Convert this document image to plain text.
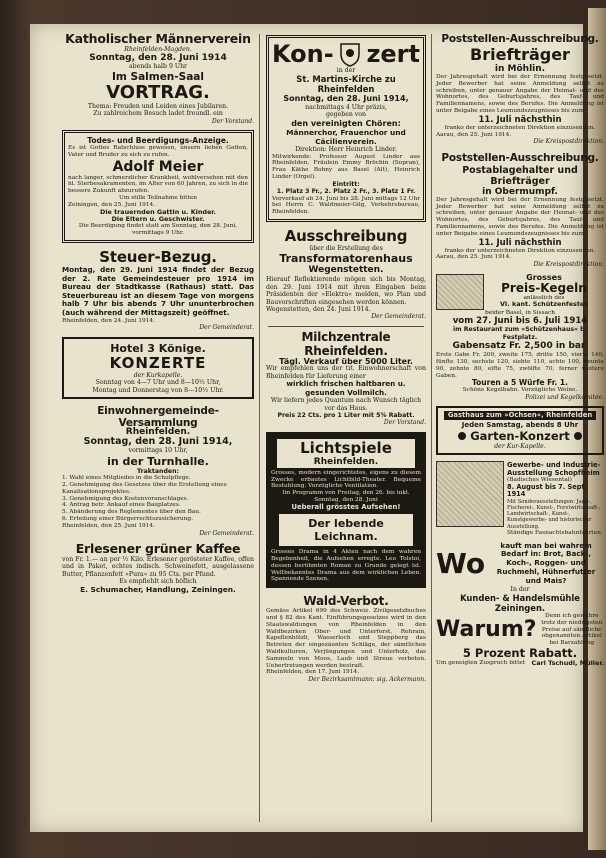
Katholischer Männerverein
Rheinfelden-Magden.
Sonntag, den 28. Juni 1914
abends halb 9 Uhr
Im Salmen-Saal
VORTRAG.
Thema: Freuden und Leiden eines Jubilaren.
Zu zahlreichem Besuch ladet freundl. ein
Der Vorstand.
Todes- und Beerdigungs-Anzeige.
Es ist Gottes Ratschluss gewesen, unsern lieben Gatten, Vater und Bruder zu sich zu rufen.
Adolf Meier
nach langer, schmerzlicher Krankheit, wohlversehen mit den hl. Sterbesakramenten, im Alter von 60 Jahren, zu sich in die bessere Zukunft abzurufen.
Um stille Teilnahme bitten
Zeiningen, den 25. Juni 1914.
Die trauernden Gattin u. Kinder.
Die Eltern u. Geschwister.
Die Beerdigung findet statt am Sonntag, den 28. Juni, vormittags 9 Uhr.
Steuer-Bezug.
Montag, den 29. Juni 1914 findet der Bezug der 2. Rate Gemeindesteuer pro 1914 im Bureau der Stadtkasse (Rathaus) statt. Das Steuerbureau ist an diesem Tage von morgens halb 7 Uhr bis abends 7 Uhr ununterbrochen (auch während der Mittagszeit) geöffnet.
Rheinfelden, den 24. Juni 1914.
Der Gemeinderat.
Hotel 3 Könige.
KONZERTE
der Kurkapelle.
Sonntag von 4—7 Uhr und 8—10½ Uhr,
Montag und Donnerstag von 8—10½ Uhr.
Einwohnergemeinde-Versammlung
Rheinfelden.
Sonntag, den 28. Juni 1914,
vormittags 10 Uhr,
in der Turnhalle.
Traktanden:
1. Wahl eines Mitgliedes in die Schulpflege.
2. Genehmigung des Gesetzes über die Erstellung eines Kanalisationsprojektes.
3. Genehmigung des Kostenvoranschlages.
4. Antrag betr. Ankauf eines Bauplatzes.
5. Abänderung des Reglementes über den Bau.
6. Erteilung einer Bürgerrechtszusicherung.
Rheinfelden, den 25. Juni 1914.
Der Gemeinderat.
Erlesener grüner Kaffee
von Fr. 1.— an per ½ Kilo. Erlesener gerösteter Kaffee, offen und in Paket, echtes indisch. Schweinefett, ausgelassene Butter, Pflanzenfett »Pura« zu 95 Cts. per Pfund.
Es empfiehlt sich höflich
E. Schumacher, Handlung, Zeiningen.
Kon- zert
in der
St. Martins-Kirche zu Rheinfelden
Sonntag, den 28. Juni 1914,
nachmittags 4 Uhr präzis,
gegeben von
den vereinigten Chören:
Männerchor, Frauenchor und Cäcilienverein.
Direktion: Herr Heinrich Linder.
Mitwirkende: Professor August Linder aus Rheinfelden, Fräulein Emmy Bröchin (Sopran), Frau Käthe Bohny aus Basel (Alt), Heinrich Linder (Orgel).
Eintritt:
1. Platz 3 Fr., 2. Platz 2 Fr., 3. Platz 1 Fr.
Vorverkauf ab 24. Juni bis 28. Juni mittags 12 Uhr bei Herrn C. Waldmeier-Gilg, Verkehrsbureau, Rheinfelden.
Ausschreibung
über die Erstellung des
Transformatorenhaus
Wegenstetten.
Hierauf Reflektierende mögen sich bis Montag, den 29. Juni 1914 mit ihren Eingaben beim Präsidenten der »Elektra« melden, wo Plan und Bauvorschriften eingesehen werden können.
Wegenstetten, den 24. Juni 1914.
Der Gemeinderat.
Milchzentrale Rheinfelden.
Tägl. Verkauf über 5000 Liter.
Wir empfehlen uns der tit. Einwohnerschaft von Rheinfelden für Lieferung einer
wirklich frischen haltbaren u. gesunden Vollmilch.
Wir liefern jedes Quantum nach Wunsch täglich vor das Haus.
Preis 22 Cts. pro 1 Liter mit 5% Rabatt.
Der Vorstand.
Lichtspiele
Rheinfelden.
Grosses, modern eingerichtetes, eigens zu diesem Zwecke erbautes Lichtbild-Theater. Bequeme Bestuhlung. Vorzügliche Ventilation.
Im Programm von Freitag, den 26. bis inkl. Sonntag, den 28. Juni
Ueberall grösstes Aufsehen!
Der lebende Leichnam.
Grosses Drama in 4 Akten nach dem wahren Begebenheit, die Aufsehen erregte. Leo Tolstoi, dessen berühmten Roman zu Grunde gelegt ist. Weltbekanntes Drama aus dem wirklichen Leben. Spannende Szenen.
Wald-Verbot.
Gemäss Artikel 699 des Schweiz. Zivilgesetzbuches und § 82 des Kant. Einführungsgesetzes wird in den Staatswaldungen von Rheinfelden in den Waldbezirken Ober- und Unterforst, Rehrain, Kapellenhölzli, Wasserloch und Steppberg das Betreten der eingezäunten Schläge, der sämtlichen Waldkulturen, Verjüngungen und Unterholz, das Sammeln von Moos, Laub und Streue verboten. Uebertretungen werden bestraft.
Rheinfelden, den 17. Juni 1914.
Der Bezirksamtmann: sig. Ackermann.
Poststellen-Ausschreibung.
Briefträger
in Möhlin.
Der Jahresgehalt wird bei der Ernennung festgesetzt. Jeder Bewerber hat seine Anmeldung selbst zu schreiben, unter genauer Angabe der Heimat- und des Wohnortes, des Geburtsjahres, des Tauf- und Familiennamens, sowie des Berufes. Die Anmeldung ist unter Beigabe eines Leumundszeugnisses bis zum
11. Juli nächsthin
franko der unterzeichneten Direktion einzusenden.
Aarau, den 25. Juni 1914.
Die Kreispostdirektion.
Poststellen-Ausschreibung.
Postablagehalter und Briefträger
in Obermumpf.
Der Jahresgehalt wird bei der Ernennung festgesetzt. Jeder Bewerber hat seine Anmeldung selbst zu schreiben, unter genauer Angabe der Heimat- und des Wohnortes, des Geburtsjahres, des Tauf- und Familiennamens, sowie des Berufes. Die Anmeldung ist unter Beigabe eines Leumundszeugnisses bis zum
11. Juli nächsthin
franko der unterzeichneten Direktion einzusenden.
Aarau, den 25. Juni 1914.
Die Kreispostdirektion.
Grosses
Preis-Kegeln
anlässlich des
VI. kant. Schützenfestes
beider Basel, in Sissach
vom 27. Juni bis 6. Juli 1914
im Restaurant zum »Schützenhaus« b. Festplatz.
Gabensatz Fr. 2,500 in bar.
Erste Gabe Fr. 200, zweite 175, dritte 150, vierte 140, fünfte 130, sechste 120, siebte 110, achte 100, neunte 90, zehnte 80, elfte 75, zwölfte 70, ferner weitere Gaben.
Touren a 5 Würfe Fr. 1.
Schöne Kegelbahn. Vorzügliche Weine.
Polizei und Kegelkomitee.
Gasthaus zum »Ochsen«, Rheinfelden
Jeden Samstag, abends 8 Uhr
Garten-Konzert
der Kur-Kapelle.
Gewerbe- und Industrie-Ausstellung Schopfheim
(Badisches Wiesental)
8. August bis 7. Sept. 1914
Mit Sonderausstellungen: Jagd-, Fischerei-, Kunst-, Forstwirtschaft-, Landwirtschaft-, Kunst-, Kunstgewerbe- und historischer Ausstellung.
Ständige Fasnachtsbahnfahrten.
Wo
kauft man bei wahrem Bedarf in: Brot, Back-, Koch-, Roggen- und Ruchmehl, Hühnerfutter und Mais?
In der
Kunden- & Handelsmühle Zeiningen.
Warum?
Denn ich gewähre trotz der niedrigsten Preise auf sämtliche obgenannten Artikel bei Barzahlung
5 Prozent Rabatt.
Um geneigten Zuspruch bittet Carl Tschudi, Müller.
